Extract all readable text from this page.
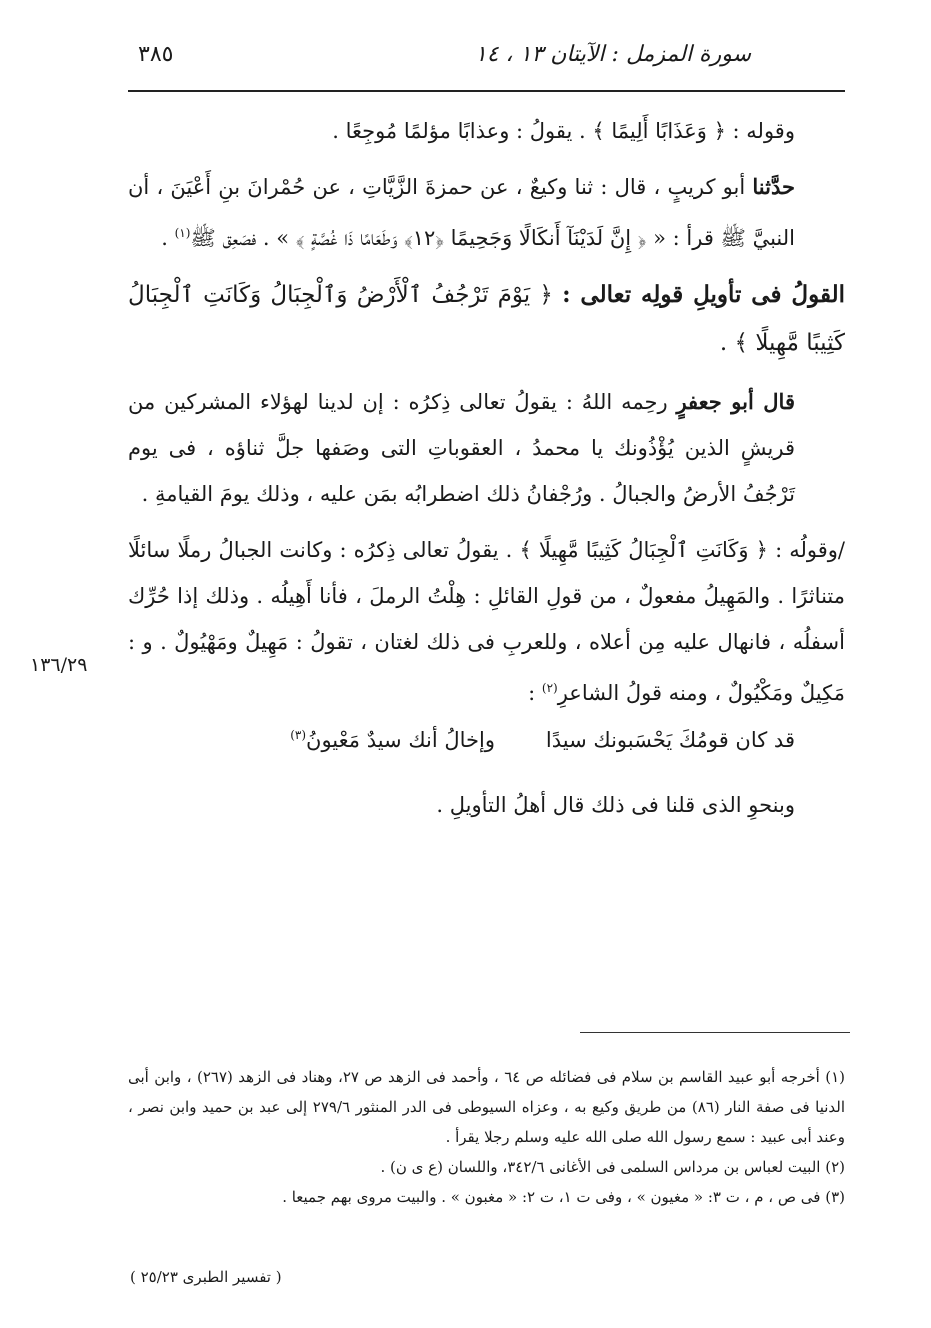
سورة المزمل : الآيتان ١٣ ، ١٤
٣٨٥

وقوله : ﴿ وَعَذَابًا أَلِيمًا ﴾ . يقولُ : وعذابًا مؤلمًا مُوجِعًا .

حدَّثنا أبو كريبٍ ، قال : ثنا وكيعٌ ، عن حمزةَ الزَّيَّاتِ ، عن حُمْرانَ بنِ أَعْيَنَ ، أن النبيَّ ﷺ قرأ : « ﴿ إِنَّ لَدَيْنَآ أَنكَالًا وَجَحِيمًا ﴿١٢﴾ وَطَعَامًا ذَا غُصَّةٍ ﴾ » . فصَعِق ﷺ$^{(١)}$ .

القولُ فى تأويلِ قولِه تعالى : ﴿ يَوْمَ تَرْجُفُ ٱلْأَرْضُ وَٱلْجِبَالُ وَكَانَتِ ٱلْجِبَالُ كَثِيبًا مَّهِيلًا ﴾ .

قال أبو جعفرٍ رحِمه اللهُ : يقولُ تعالى ذِكرُه : إن لدينا لهؤلاء المشركين من قريشٍ الذين يُؤْذُونك يا محمدُ ، العقوباتِ التى وصَفها جلَّ ثناؤه ، فى يوم تَرْجُفُ الأرضُ والجبالُ . ورُجْفانُ ذلك اضطرابُه بمَن عليه ، وذلك يومَ القيامةِ .

/وقولُه : ﴿ وَكَانَتِ ٱلْجِبَالُ كَثِيبًا مَّهِيلًا ﴾ . يقولُ تعالى ذِكرُه : وكانت الجبالُ رملًا سائلًا متناثرًا . والمَهِيلُ مفعولٌ ، من قولِ القائلِ : هِلْتُ الرملَ ، فأنا أَهِيلُه . وذلك إذا حُرِّك أسفلُه ، فانهال عليه مِن أعلاه ، وللعربِ فى ذلك لغتان ، تقولُ : مَهِيلٌ ومَهْيُولٌ . و : مَكِيلٌ ومَكْيُولٌ ، ومنه قولُ الشاعرِ$^{(٢)}$ :

قد كان قومُكَ يَحْسَبونك سيدًا
وإخالُ أنك سيدٌ مَعْيونُ$^{(٣)}$

وبنحوِ الذى قلنا فى ذلك قال أهلُ التأويلِ .

١٣٦/٢٩

(١) أخرجه أبو عبيد القاسم بن سلام فى فضائله ص ٦٤ ، وأحمد فى الزهد ص ٢٧، وهناد فى الزهد (٢٦٧) ، وابن أبى الدنيا فى صفة النار (٨٦) من طريق وكيع به ، وعزاه السيوطى فى الدر المنثور ٢٧٩/٦ إلى عبد بن حميد وابن نصر ، وعند أبى عبيد : سمع رسول الله صلى الله عليه وسلم رجلا يقرأ .

(٢) البيت لعباس بن مرداس السلمى فى الأغانى ٣٤٢/٦، واللسان (ع ى ن) .

(٣) فى ص ، م ، ت ٣: « مغيون » ، وفى ت ١، ت ٢: « مغبون » . والبيت مروى بهم جميعا .

( تفسير الطبرى ٢٥/٢٣ )
